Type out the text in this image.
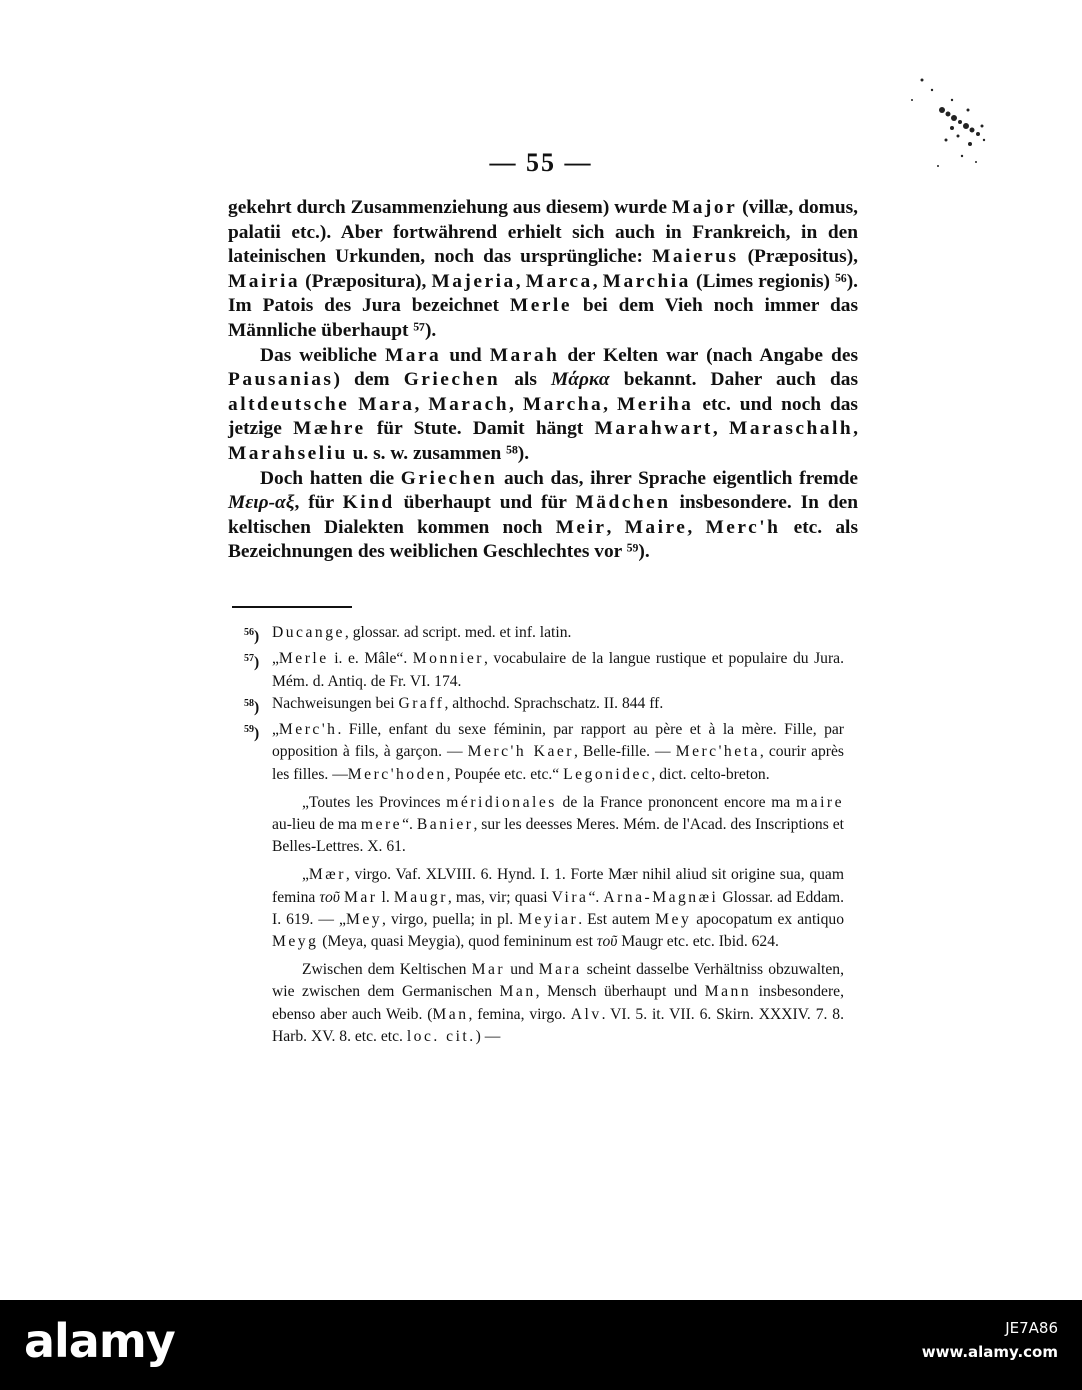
— 55 —

gekehrt durch Zusammenziehung aus diesem) wurde Major (villæ, domus, palatii etc.). Aber fortwährend erhielt sich auch in Frankreich, in den lateinischen Urkunden, noch das ursprüngliche: Maierus (Præpositus), Mairia (Præpositura), Majeria, Marca, Marchia (Limes regionis) ⁵⁶). Im Patois des Jura bezeichnet Merle bei dem Vieh noch immer das Männliche überhaupt ⁵⁷).

Das weibliche Mara und Marah der Kelten war (nach Angabe des Pausanias) dem Griechen als Μάρκα bekannt. Daher auch das altdeutsche Mara, Marach, Marcha, Meriha etc. und noch das jetzige Mæhre für Stute. Damit hängt Marahwart, Maraschalh, Marahseliu u. s. w. zusammen ⁵⁸).

Doch hatten die Griechen auch das, ihrer Sprache eigentlich fremde Μειρ-αξ, für Kind überhaupt und für Mädchen insbesondere. In den keltischen Dialekten kommen noch Meir, Maire, Merc'h etc. als Bezeichnungen des weiblichen Geschlechtes vor ⁵⁹).

$^{56}$) Ducange, glossar. ad script. med. et inf. latin.
$^{57}$) „Merle i. e. Mâle“. Monnier, vocabulaire de la langue rustique et populaire du Jura. Mém. d. Antiq. de Fr. VI. 174.
$^{58}$) Nachweisungen bei Graff, althochd. Sprachschatz. II. 844 ff.
$^{59}$) „Merc'h. Fille, enfant du sexe féminin, par rapport au père et à la mère. Fille, par opposition à fils, à garçon. — Merc'h Kaer, Belle-fille. — Merc'heta, courir après les filles. —Merc'hoden, Poupée etc. etc.“ Legonidec, dict. celto-breton.
„Toutes les Provinces méridionales de la France prononcent encore ma maire au-lieu de ma mere“. Banier, sur les deesses Meres. Mém. de l'Acad. des Inscriptions et Belles-Lettres. X. 61.
„Mær, virgo. Vaf. XLVIII. 6. Hynd. I. 1. Forte Mær nihil aliud sit origine sua, quam femina τοῦ Mar l. Maugr, mas, vir; quasi Vira“. Arna-Magnæi Glossar. ad Eddam. I. 619. — „Mey, virgo, puella; in pl. Meyiar. Est autem Mey apocopatum ex antiquo Meyg (Meya, quasi Meygia), quod femininum est τοῦ Maugr etc. etc. Ibid. 624.
Zwischen dem Keltischen Mar und Mara scheint dasselbe Verhältniss obzuwalten, wie zwischen dem Germanischen Man, Mensch überhaupt und Mann insbesondere, ebenso aber auch Weib. (Man, femina, virgo. Alv. VI. 5. it. VII. 6. Skirn. XXXIV. 7. 8. Harb. XV. 8. etc. etc. loc. cit.) —
alamy	JE7A86
www.alamy.com
